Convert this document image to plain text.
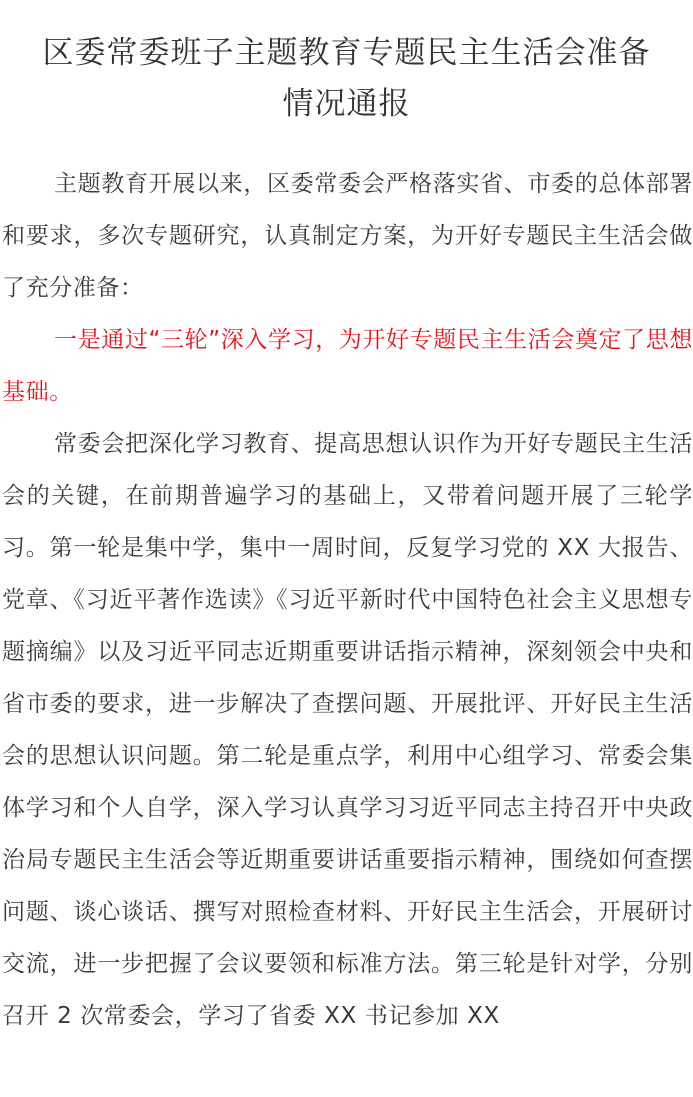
区委常委班子主题教育专题民主生活会准备
情况通报

主题教育开展以来，区委常委会严格落实省、市委的总体部署和要求，多次专题研究，认真制定方案，为开好专题民主生活会做了充分准备：

一是通过“三轮”深入学习，为开好专题民主生活会奠定了思想基础。

常委会把深化学习教育、提高思想认识作为开好专题民主生活会的关键，在前期普遍学习的基础上，又带着问题开展了三轮学习。第一轮是集中学，集中一周时间，反复学习党的 XX 大报告、党章、《习近平著作选读》《习近平新时代中国特色社会主义思想专题摘编》以及习近平同志近期重要讲话指示精神，深刻领会中央和省市委的要求，进一步解决了查摆问题、开展批评、开好民主生活会的思想认识问题。第二轮是重点学，利用中心组学习、常委会集体学习和个人自学，深入学习认真学习习近平同志主持召开中央政治局专题民主生活会等近期重要讲话重要指示精神，围绕如何查摆问题、谈心谈话、撰写对照检查材料、开好民主生活会，开展研讨交流，进一步把握了会议要领和标准方法。第三轮是针对学，分别召开 2 次常委会，学习了省委 XX 书记参加 XX
